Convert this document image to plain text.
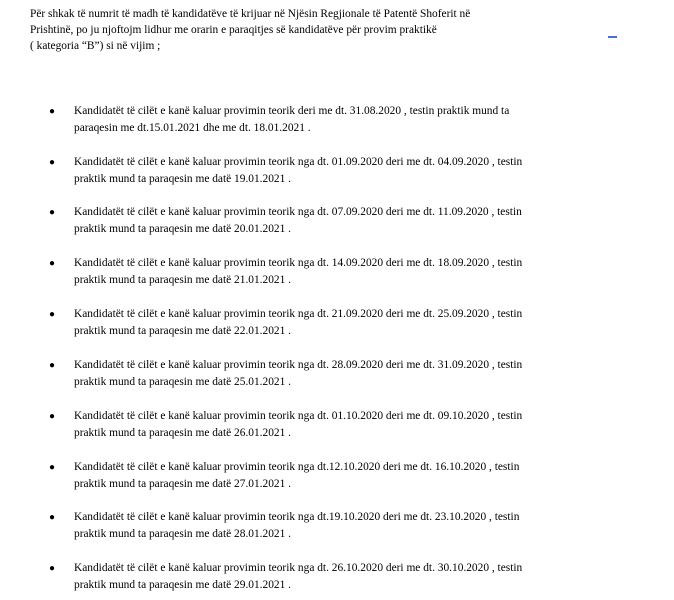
Për shkak të numrit të madh të kandidatëve të krijuar në Njësin Regjionale të Patentë Shoferit në
Prishtinë, po ju njoftojm lidhur me orarin e paraqitjes së kandidatëve për provim praktikë
( kategoria “B”) si në vijim ;
● Kandidatët të cilët e kanë kaluar provimin teorik deri me dt. 31.08.2020 , testin praktik mund ta
paraqesin me dt.15.01.2021 dhe me dt. 18.01.2021 .
● Kandidatët të cilët e kanë kaluar provimin teorik nga dt. 01.09.2020 deri me dt. 04.09.2020 , testin
praktik mund ta paraqesin me datë 19.01.2021 .
● Kandidatët të cilët e kanë kaluar provimin teorik nga dt. 07.09.2020 deri me dt. 11.09.2020 , testin
praktik mund ta paraqesin me datë 20.01.2021 .
● Kandidatët të cilët e kanë kaluar provimin teorik nga dt. 14.09.2020 deri me dt. 18.09.2020 , testin
praktik mund ta paraqesin me datë 21.01.2021 .
● Kandidatët të cilët e kanë kaluar provimin teorik nga dt. 21.09.2020 deri me dt. 25.09.2020 , testin
praktik mund ta paraqesin me datë 22.01.2021 .
● Kandidatët të cilët e kanë kaluar provimin teorik nga dt. 28.09.2020 deri me dt. 31.09.2020 , testin
praktik mund ta paraqesin me datë 25.01.2021 .
● Kandidatët të cilët e kanë kaluar provimin teorik nga dt. 01.10.2020 deri me dt. 09.10.2020 , testin
praktik mund ta paraqesin me datë 26.01.2021 .
● Kandidatët të cilët e kanë kaluar provimin teorik nga dt.12.10.2020 deri me dt. 16.10.2020 , testin
praktik mund ta paraqesin me datë 27.01.2021 .
● Kandidatët të cilët e kanë kaluar provimin teorik nga dt.19.10.2020 deri me dt. 23.10.2020 , testin
praktik mund ta paraqesin me datë 28.01.2021 .
● Kandidatët të cilët e kanë kaluar provimin teorik nga dt. 26.10.2020 deri me dt. 30.10.2020 , testin
praktik mund ta paraqesin me datë 29.01.2021 .
